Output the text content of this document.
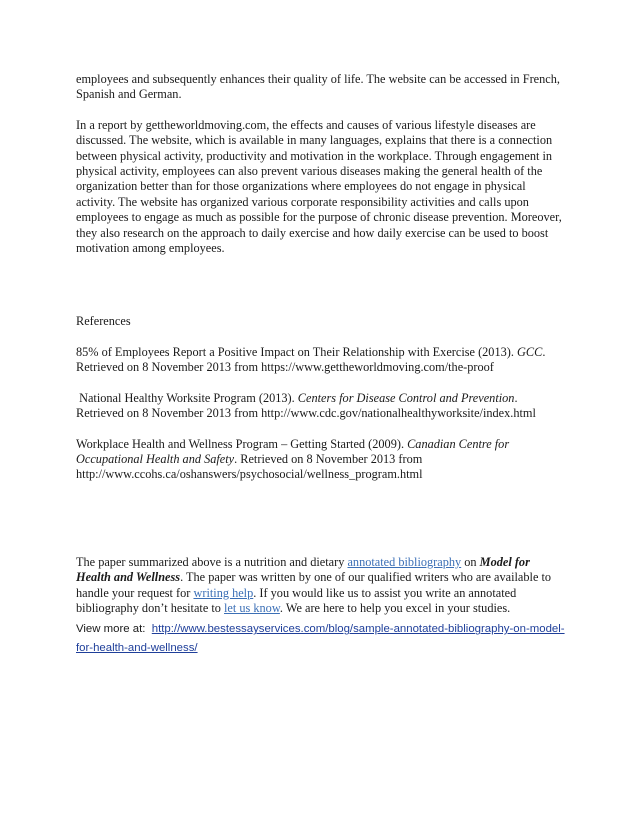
employees and subsequently enhances their quality of life. The website can be accessed in French, Spanish and German.

In a report by gettheworldmoving.com, the effects and causes of various lifestyle diseases are discussed. The website, which is available in many languages, explains that there is a connection between physical activity, productivity and motivation in the workplace. Through engagement in physical activity, employees can also prevent various diseases making the general health of the organization better than for those organizations where employees do not engage in physical activity. The website has organized various corporate responsibility activities and calls upon employees to engage as much as possible for the purpose of chronic disease prevention. Moreover, they also research on the approach to daily exercise and how daily exercise can be used to boost motivation among employees.

References

85% of Employees Report a Positive Impact on Their Relationship with Exercise (2013). GCC.
Retrieved on 8 November 2013 from https://www.gettheworldmoving.com/the-proof

National Healthy Worksite Program (2013). Centers for Disease Control and Prevention.
Retrieved on 8 November 2013 from http://www.cdc.gov/nationalhealthyworksite/index.html

Workplace Health and Wellness Program – Getting Started (2009). Canadian Centre for Occupational Health and Safety. Retrieved on 8 November 2013 from
http://www.ccohs.ca/oshanswers/psychosocial/wellness_program.html

The paper summarized above is a nutrition and dietary annotated bibliography on Model for Health and Wellness. The paper was written by one of our qualified writers who are available to handle your request for writing help. If you would like us to assist you write an annotated bibliography don’t hesitate to let us know. We are here to help you excel in your studies.

View more at:  http://www.bestessayservices.com/blog/sample-annotated-bibliography-on-model-for-health-and-wellness/
